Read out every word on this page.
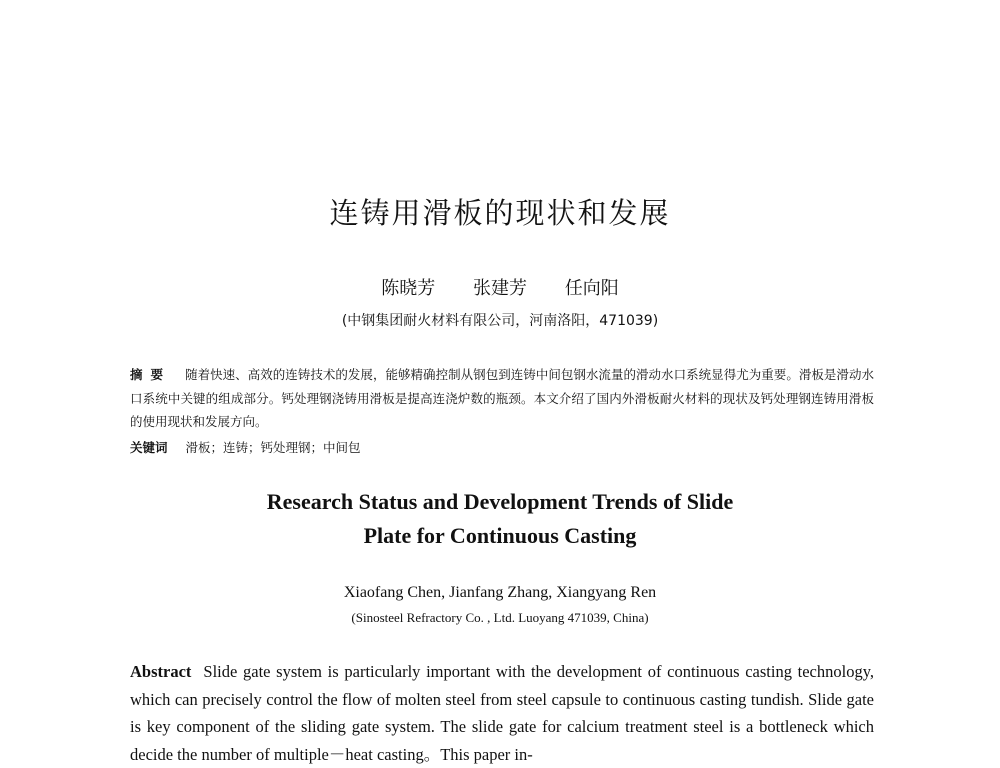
连铸用滑板的现状和发展
陈晓芳 张建芳 任向阳
(中钢集团耐火材料有限公司，河南洛阳，471039)
摘要 随着快速、高效的连铸技术的发展，能够精确控制从钢包到连铸中间包钢水流量的滑动水口系统显得尤为重要。滑板是滑动水口系统中关键的组成部分。钙处理钢浇铸用滑板是提高连浇炉数的瓶颈。本文介绍了国内外滑板耐火材料的现状及钙处理钢连铸用滑板的使用现状和发展方向。
关键词 滑板；连铸；钙处理钢；中间包
Research Status and Development Trends of Slide
Plate for Continuous Casting
Xiaofang Chen, Jianfang Zhang, Xiangyang Ren
(Sinosteel Refractory Co. , Ltd. Luoyang 471039, China)
Abstract Slide gate system is particularly important with the development of continuous casting technology, which can precisely control the flow of molten steel from steel capsule to continuous casting tundish. Slide gate is key component of the sliding gate system. The slide gate for calcium treatment steel is a bottleneck which decide the number of multiple－heat casting。This paper in-
